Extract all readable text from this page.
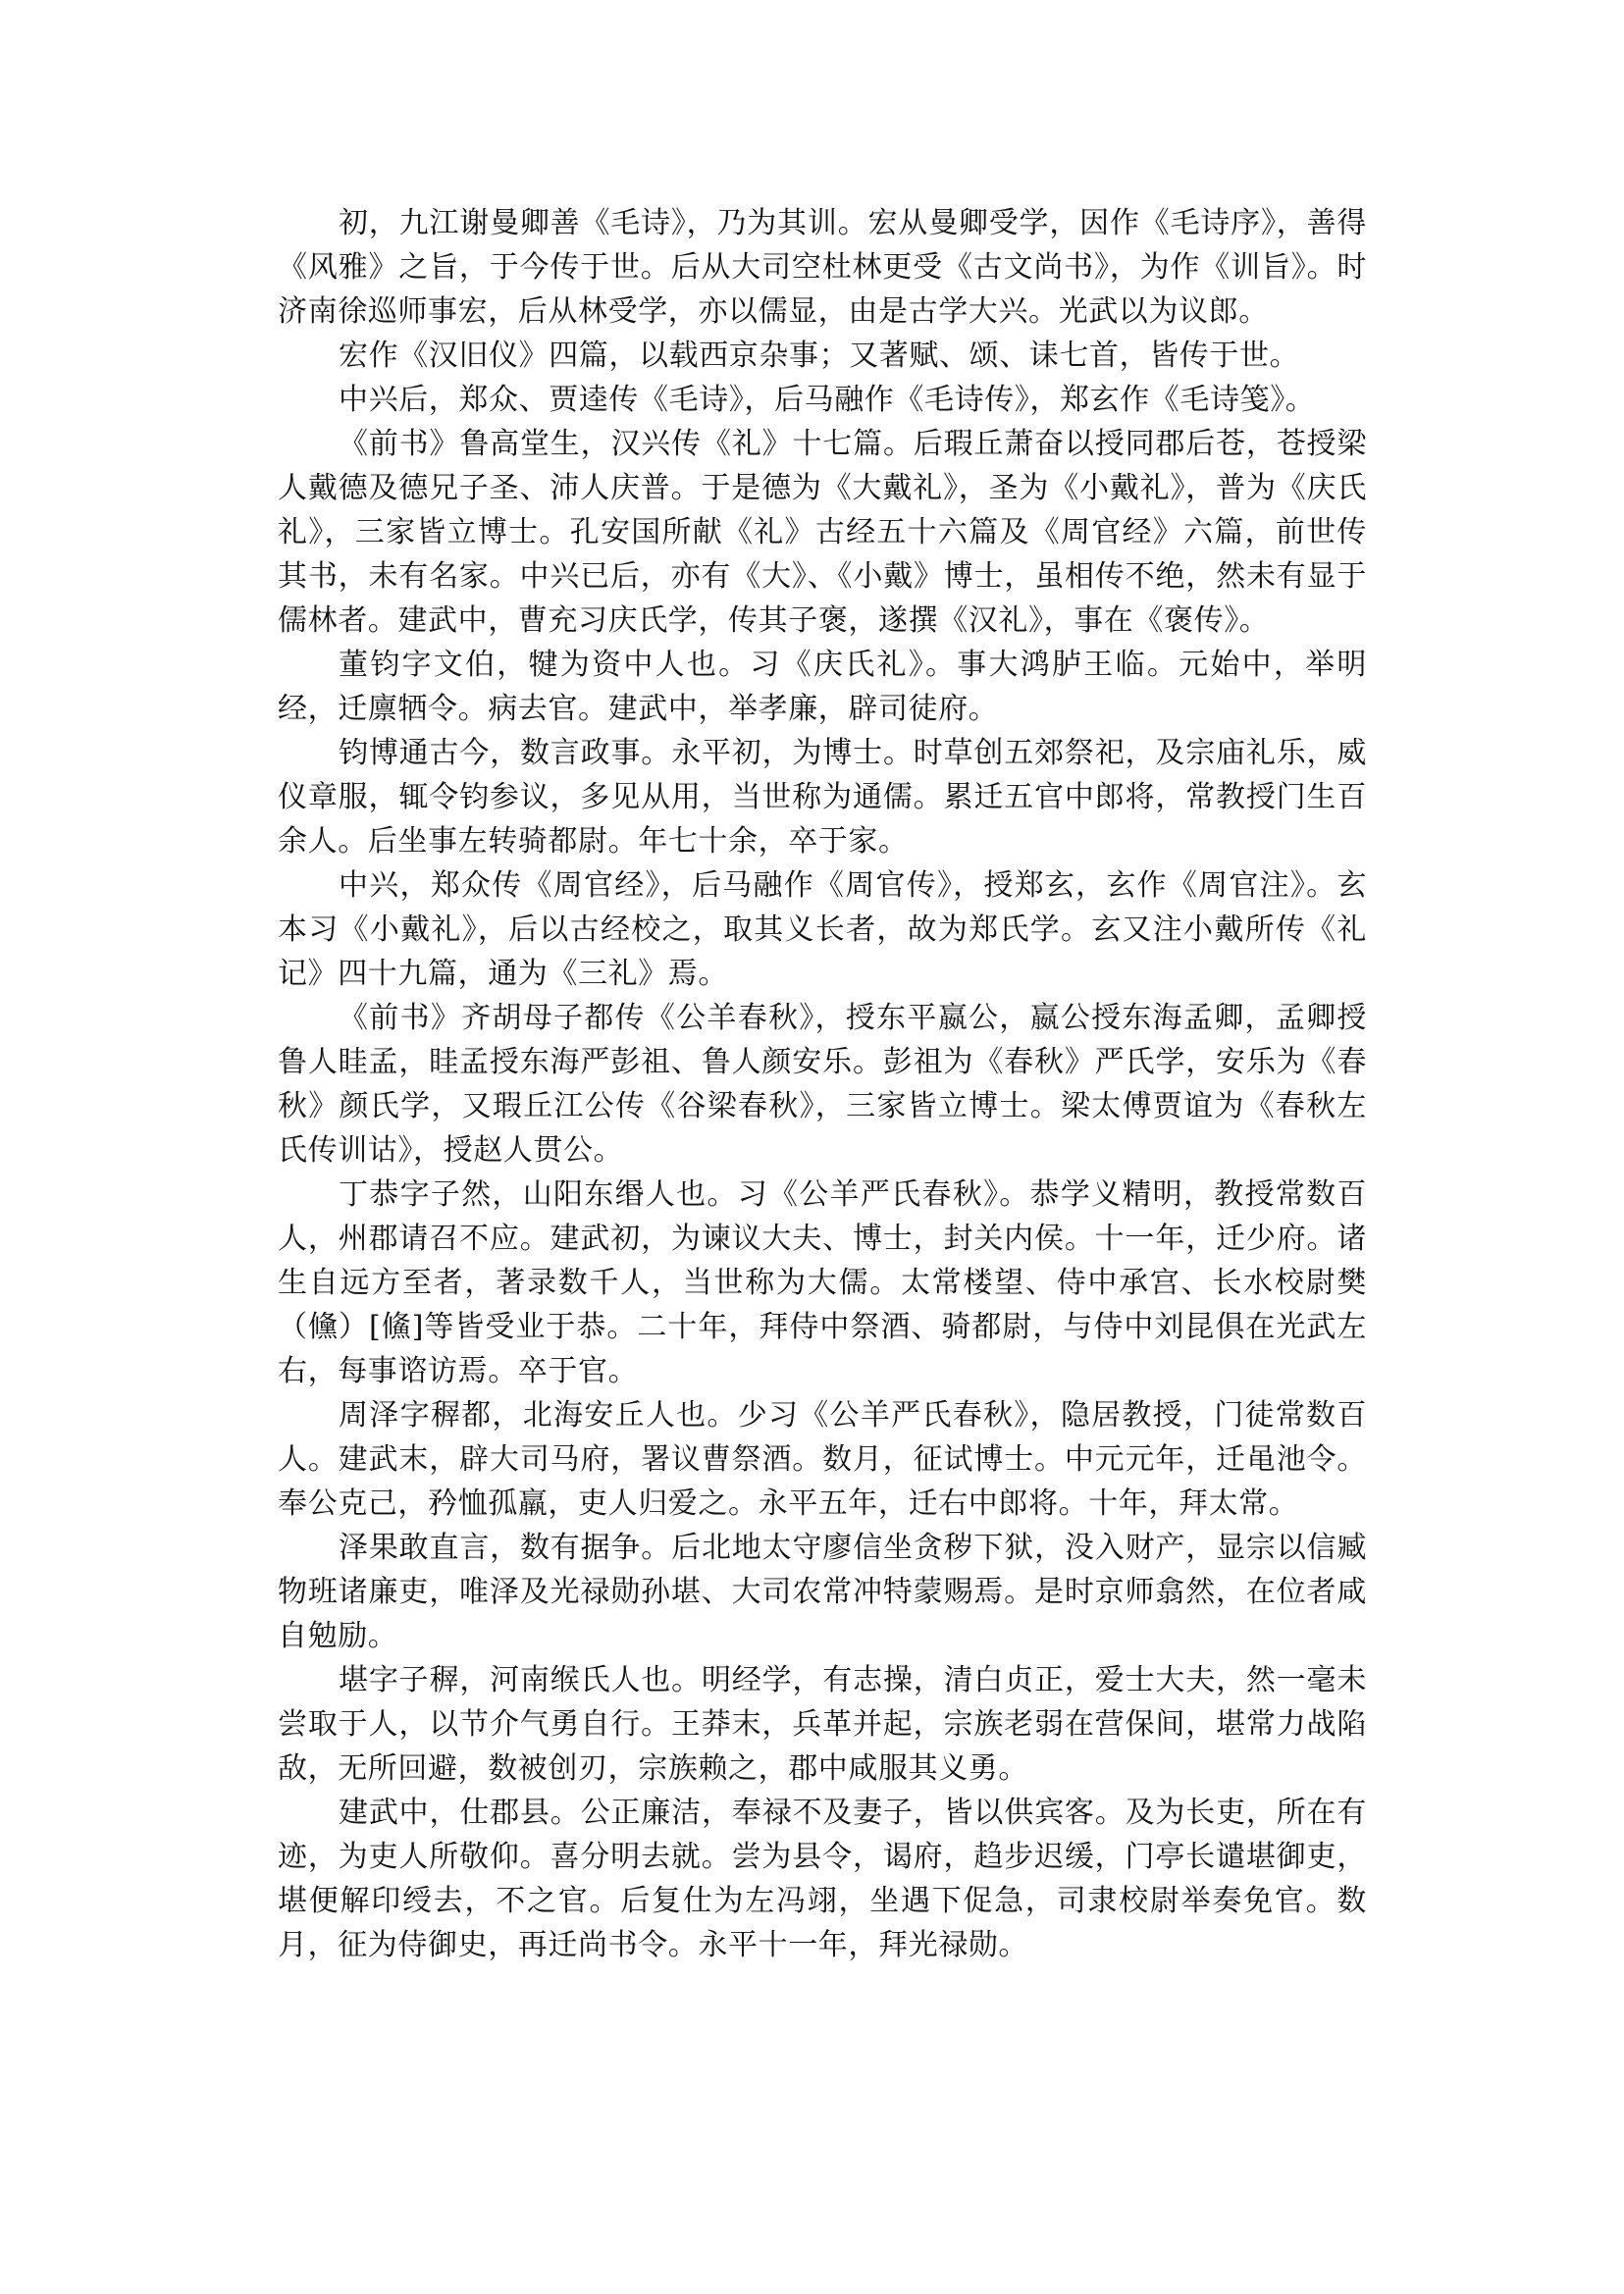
初，九江谢曼卿善《毛诗》，乃为其训。宏从曼卿受学，因作《毛诗序》，善得《风雅》之旨，于今传于世。后从大司空杜林更受《古文尚书》，为作《训旨》。时济南徐巡师事宏，后从林受学，亦以儒显，由是古学大兴。光武以为议郎。

宏作《汉旧仪》四篇，以载西京杂事；又著赋、颂、诔七首，皆传于世。

中兴后，郑众、贾逵传《毛诗》，后马融作《毛诗传》，郑玄作《毛诗笺》。

《前书》鲁高堂生，汉兴传《礼》十七篇。后瑕丘萧奋以授同郡后苍，苍授梁人戴德及德兄子圣、沛人庆普。于是德为《大戴礼》，圣为《小戴礼》，普为《庆氏礼》，三家皆立博士。孔安国所献《礼》古经五十六篇及《周官经》六篇，前世传其书，未有名家。中兴已后，亦有《大》、《小戴》博士，虽相传不绝，然未有显于儒林者。建武中，曹充习庆氏学，传其子褒，遂撰《汉礼》，事在《褒传》。

董钧字文伯，犍为资中人也。习《庆氏礼》。事大鸿胪王临。元始中，举明经，迁廪牺令。病去官。建武中，举孝廉，辟司徒府。

钧博通古今，数言政事。永平初，为博士。时草创五郊祭祀，及宗庙礼乐，威仪章服，辄令钧参议，多见从用，当世称为通儒。累迁五官中郎将，常教授门生百余人。后坐事左转骑都尉。年七十余，卒于家。

中兴，郑众传《周官经》，后马融作《周官传》，授郑玄，玄作《周官注》。玄本习《小戴礼》，后以古经校之，取其义长者，故为郑氏学。玄又注小戴所传《礼记》四十九篇，通为《三礼》焉。

《前书》齐胡母子都传《公羊春秋》，授东平嬴公，嬴公授东海孟卿，孟卿授鲁人眭孟，眭孟授东海严彭祖、鲁人颜安乐。彭祖为《春秋》严氏学，安乐为《春秋》颜氏学，又瑕丘江公传《谷梁春秋》，三家皆立博士。梁太傅贾谊为《春秋左氏传训诂》，授赵人贯公。

丁恭字子然，山阳东缗人也。习《公羊严氏春秋》。恭学义精明，教授常数百人，州郡请召不应。建武初，为谏议大夫、博士，封关内侯。十一年，迁少府。诸生自远方至者，著录数千人，当世称为大儒。太常楼望、侍中承宫、长水校尉樊（儵）[鯈]等皆受业于恭。二十年，拜侍中祭酒、骑都尉，与侍中刘昆俱在光武左右，每事谘访焉。卒于官。

周泽字稺都，北海安丘人也。少习《公羊严氏春秋》，隐居教授，门徒常数百人。建武末，辟大司马府，署议曹祭酒。数月，征试博士。中元元年，迁黾池令。奉公克己，矜恤孤羸，吏人归爱之。永平五年，迁右中郎将。十年，拜太常。

泽果敢直言，数有据争。后北地太守廖信坐贪秽下狱，没入财产，显宗以信臧物班诸廉吏，唯泽及光禄勋孙堪、大司农常冲特蒙赐焉。是时京师翕然，在位者咸自勉励。

堪字子稺，河南缑氏人也。明经学，有志操，清白贞正，爱士大夫，然一毫未尝取于人，以节介气勇自行。王莽末，兵革并起，宗族老弱在营保间，堪常力战陷敌，无所回避，数被创刃，宗族赖之，郡中咸服其义勇。

建武中，仕郡县。公正廉洁，奉禄不及妻子，皆以供宾客。及为长吏，所在有迹，为吏人所敬仰。喜分明去就。尝为县令，谒府，趋步迟缓，门亭长谴堪御吏，堪便解印绶去，不之官。后复仕为左冯翊，坐遇下促急，司隶校尉举奏免官。数月，征为侍御史，再迁尚书令。永平十一年，拜光禄勋。
